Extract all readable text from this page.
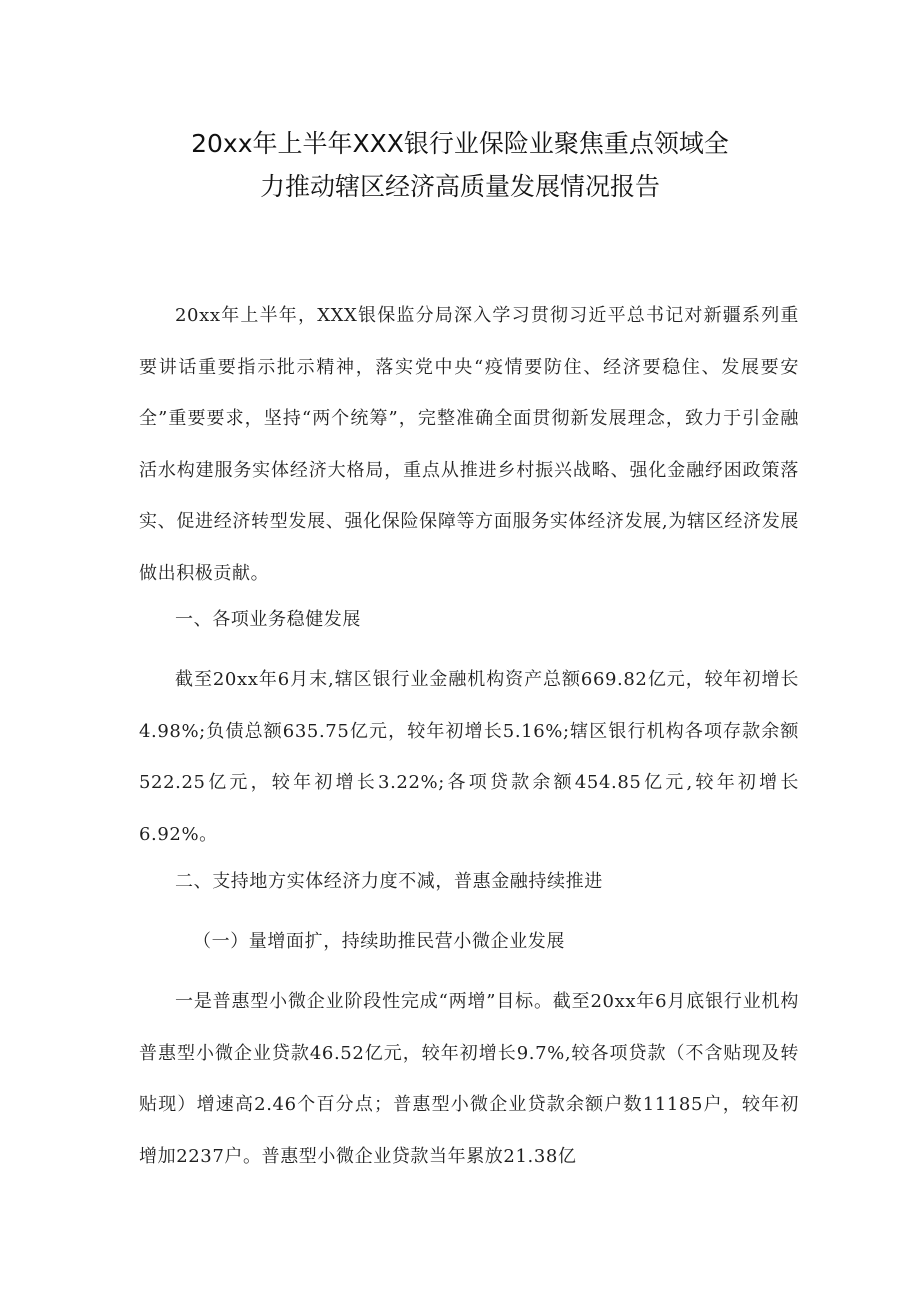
20xx年上半年XXX银行业保险业聚焦重点领域全
力推动辖区经济高质量发展情况报告

20xx年上半年，XXX银保监分局深入学习贯彻习近平总书记对新疆系列重要讲话重要指示批示精神，落实党中央“疫情要防住、经济要稳住、发展要安全”重要要求，坚持“两个统筹”，完整准确全面贯彻新发展理念，致力于引金融活水构建服务实体经济大格局，重点从推进乡村振兴战略、强化金融纾困政策落实、促进经济转型发展、强化保险保障等方面服务实体经济发展,为辖区经济发展做出积极贡献。

一、各项业务稳健发展

截至20xx年6月末,辖区银行业金融机构资产总额669.82亿元，较年初增长4.98%;负债总额635.75亿元，较年初增长5.16%;辖区银行机构各项存款余额522.25亿元，较年初增长3.22%;各项贷款余额454.85亿元,较年初增长6.92%。

二、支持地方实体经济力度不减，普惠金融持续推进

（一）量增面扩，持续助推民营小微企业发展

一是普惠型小微企业阶段性完成“两增”目标。截至20xx年6月底银行业机构普惠型小微企业贷款46.52亿元，较年初增长9.7%,较各项贷款（不含贴现及转贴现）增速高2.46个百分点；普惠型小微企业贷款余额户数11185户，较年初增加2237户。普惠型小微企业贷款当年累放21.38亿
